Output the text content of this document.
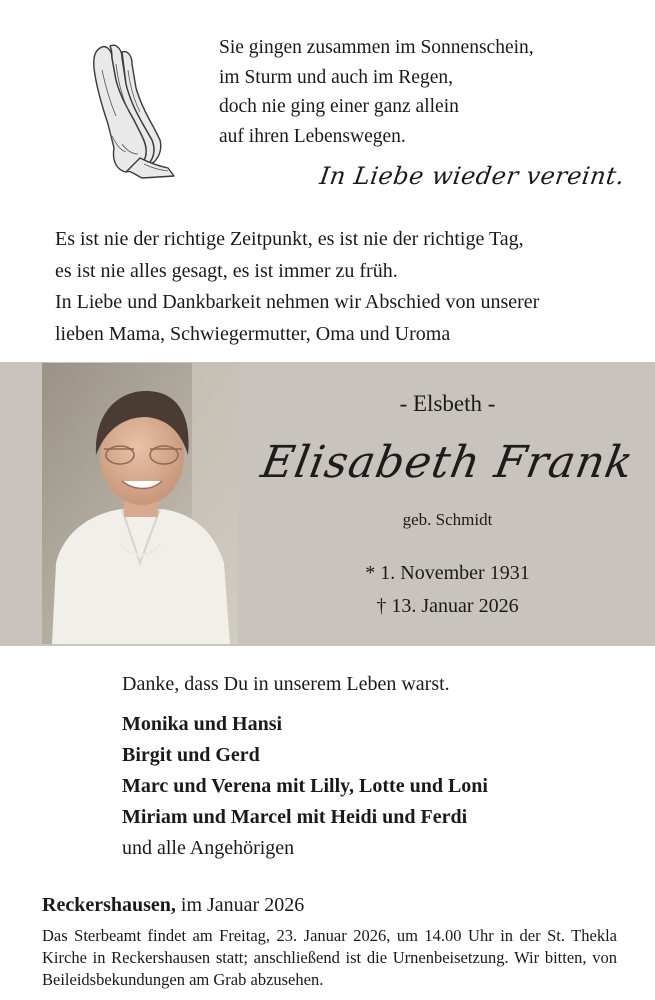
Sie gingen zusammen im Sonnenschein,
im Sturm und auch im Regen,
doch nie ging einer ganz allein
auf ihren Lebenswegen.
In Liebe wieder vereint.
Es ist nie der richtige Zeitpunkt, es ist nie der richtige Tag,
es ist nie alles gesagt, es ist immer zu früh.
In Liebe und Dankbarkeit nehmen wir Abschied von unserer
lieben Mama, Schwiegermutter, Oma und Uroma
- Elsbeth -
Elisabeth Frank
geb. Schmidt
* 1. November 1931
† 13. Januar 2026
Danke, dass Du in unserem Leben warst.
Monika und Hansi
Birgit und Gerd
Marc und Verena mit Lilly, Lotte und Loni
Miriam und Marcel mit Heidi und Ferdi
und alle Angehörigen
Reckershausen, im Januar 2026
Das Sterbeamt findet am Freitag, 23. Januar 2026, um 14.00 Uhr in der St. Thekla Kirche in Reckershausen statt; anschließend ist die Urnenbeisetzung. Wir bitten, von Beileidsbekundungen am Grab abzusehen.
